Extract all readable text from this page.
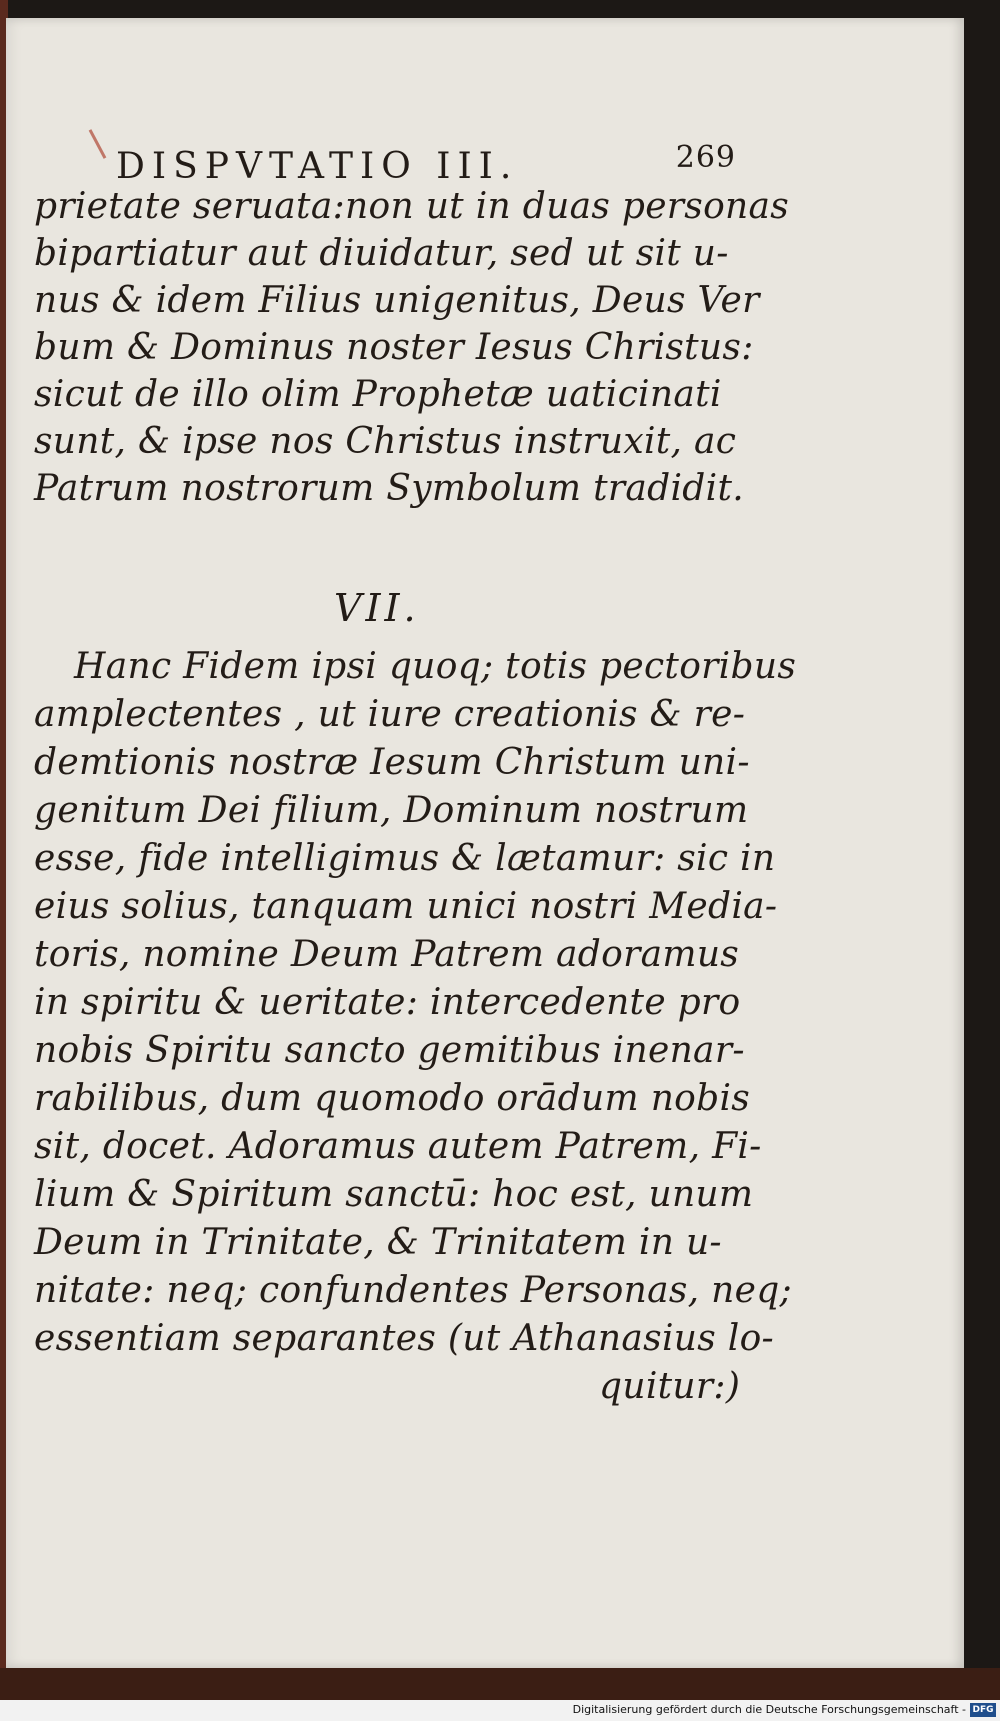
DISPVTATIO III.	269
prietate seruata:non ut in duas personas
bipartiatur aut diuidatur, sed ut sit u-
nus & idem Filius unigenitus, Deus Ver
bum & Dominus noster Iesus Christus:
sicut de illo olim Prophetæ uaticinati
sunt, & ipse nos Christus instruxit, ac
Patrum nostrorum Symbolum tradidit.
VII.
Hanc Fidem ipsi quoq; totis pectoribus
amplectentes , ut iure creationis & re-
demtionis nostræ Iesum Christum uni-
genitum Dei filium, Dominum nostrum
esse, fide intelligimus & lætamur: sic in
eius solius, tanquam unici nostri Media-
toris, nomine Deum Patrem adoramus
in spiritu & ueritate: intercedente pro
nobis Spiritu sancto gemitibus inenar-
rabilibus, dum quomodo orādum nobis
sit, docet. Adoramus autem Patrem, Fi-
lium & Spiritum sanctū: hoc est, unum
Deum in Trinitate, & Trinitatem in u-
nitate: neq; confundentes Personas, neq;
essentiam separantes (ut Athanasius lo-
quitur:)
Digitalisierung gefördert durch die Deutsche Forschungsgemeinschaft - DFG
